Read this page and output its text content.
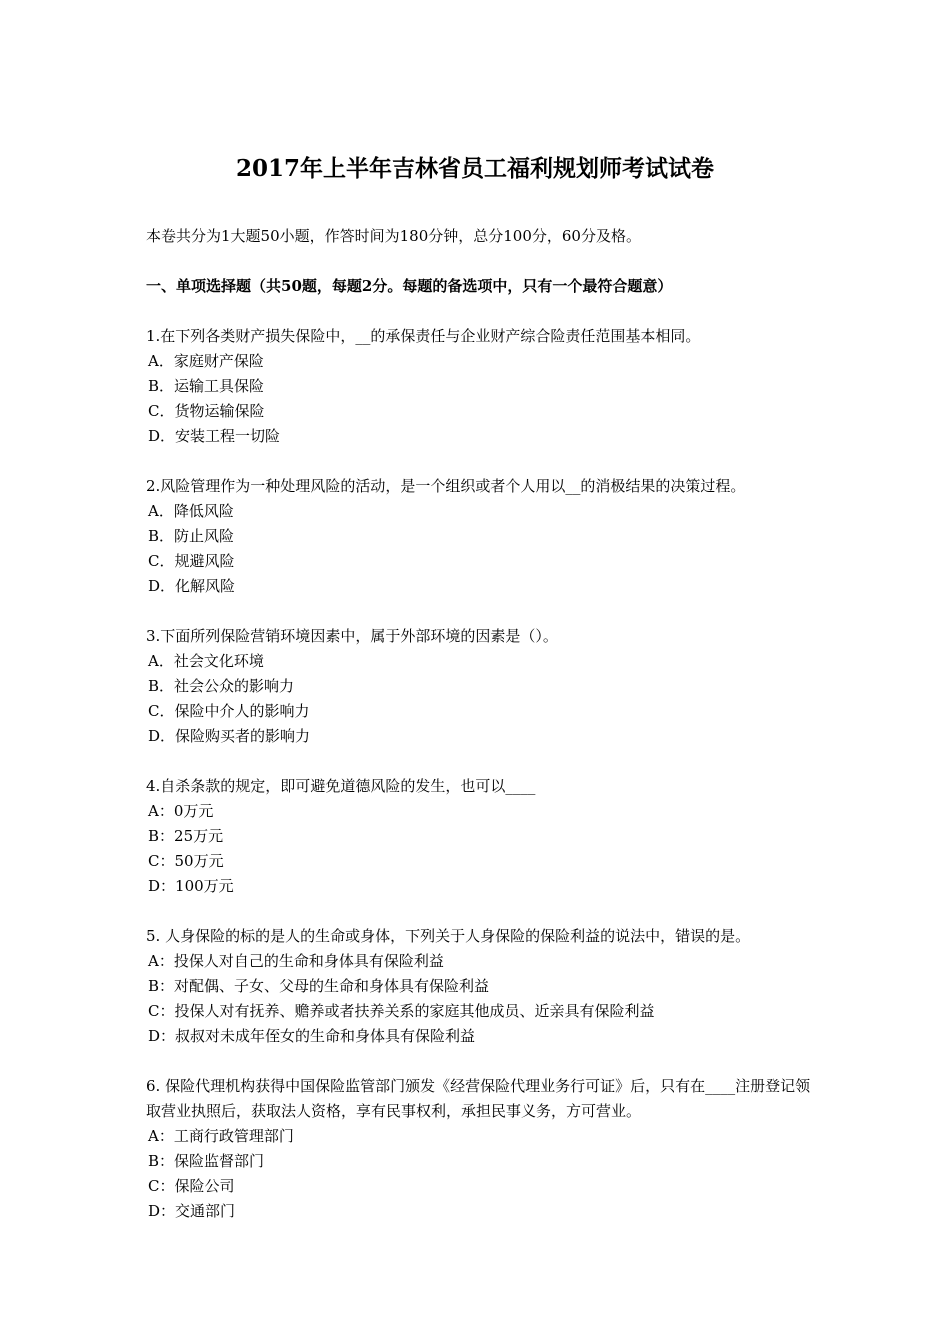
2017年上半年吉林省员工福利规划师考试试卷

本卷共分为1大题50小题，作答时间为180分钟，总分100分，60分及格。

一、单项选择题（共50题，每题2分。每题的备选项中，只有一个最符合题意）

1.在下列各类财产损失保险中，__的承保责任与企业财产综合险责任范围基本相同。

A．家庭财产保险

B．运输工具保险

C．货物运输保险

D．安装工程一切险

2.风险管理作为一种处理风险的活动，是一个组织或者个人用以__的消极结果的决策过程。

A．降低风险

B．防止风险

C．规避风险

D．化解风险

3.下面所列保险营销环境因素中，属于外部环境的因素是（）。

A．社会文化环境

B．社会公众的影响力

C．保险中介人的影响力

D．保险购买者的影响力

4.自杀条款的规定，即可避免道德风险的发生，也可以____

A：0万元

B：25万元

C：50万元

D：100万元

5. 人身保险的标的是人的生命或身体，下列关于人身保险的保险利益的说法中，错误的是。

A：投保人对自己的生命和身体具有保险利益

B：对配偶、子女、父母的生命和身体具有保险利益

C：投保人对有抚养、赡养或者扶养关系的家庭其他成员、近亲具有保险利益

D：叔叔对未成年侄女的生命和身体具有保险利益

6. 保险代理机构获得中国保险监管部门颁发《经营保险代理业务行可证》后，只有在____注册登记领取营业执照后，获取法人资格，享有民事权利，承担民事义务，方可营业。

A：工商行政管理部门

B：保险监督部门

C：保险公司

D：交通部门
